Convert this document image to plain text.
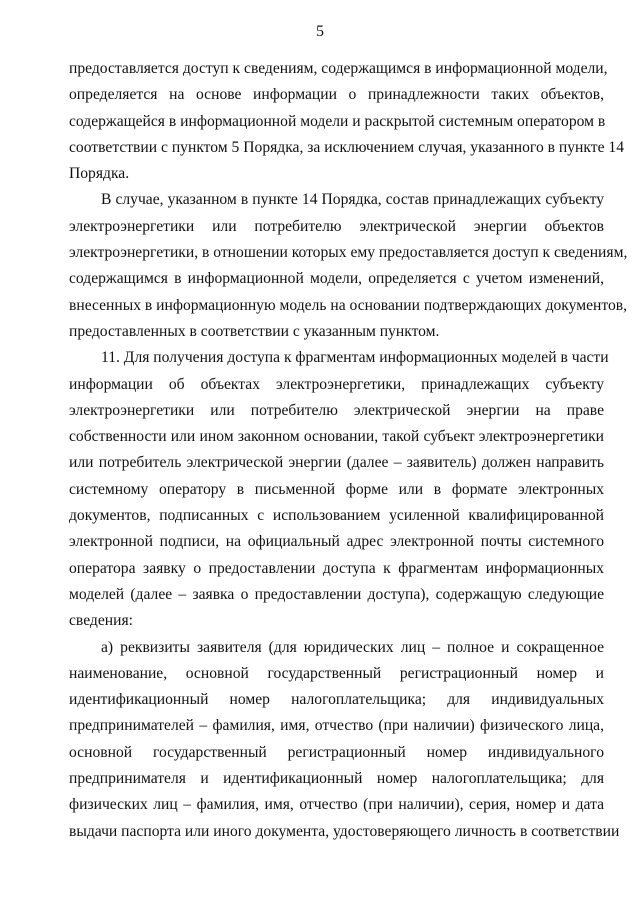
5

предоставляется доступ к сведениям, содержащимся в информационной модели,
определяется на основе информации о принадлежности таких объектов,
содержащейся в информационной модели и раскрытой системным оператором в
соответствии с пунктом 5 Порядка, за исключением случая, указанного в пункте 14
Порядка.

В случае, указанном в пункте 14 Порядка, состав принадлежащих субъекту
электроэнергетики или потребителю электрической энергии объектов
электроэнергетики, в отношении которых ему предоставляется доступ к сведениям,
содержащимся в информационной модели, определяется с учетом изменений,
внесенных в информационную модель на основании подтверждающих документов,
предоставленных в соответствии с указанным пунктом.

11. Для получения доступа к фрагментам информационных моделей в части
информации об объектах электроэнергетики, принадлежащих субъекту
электроэнергетики или потребителю электрической энергии на праве
собственности или ином законном основании, такой субъект электроэнергетики
или потребитель электрической энергии (далее – заявитель) должен направить
системному оператору в письменной форме или в формате электронных
документов, подписанных с использованием усиленной квалифицированной
электронной подписи, на официальный адрес электронной почты системного
оператора заявку о предоставлении доступа к фрагментам информационных
моделей (далее – заявка о предоставлении доступа), содержащую следующие
сведения:

а) реквизиты заявителя (для юридических лиц – полное и сокращенное
наименование, основной государственный регистрационный номер и
идентификационный номер налогоплательщика; для индивидуальных
предпринимателей – фамилия, имя, отчество (при наличии) физического лица,
основной государственный регистрационный номер индивидуального
предпринимателя и идентификационный номер налогоплательщика; для
физических лиц – фамилия, имя, отчество (при наличии), серия, номер и дата
выдачи паспорта или иного документа, удостоверяющего личность в соответствии
